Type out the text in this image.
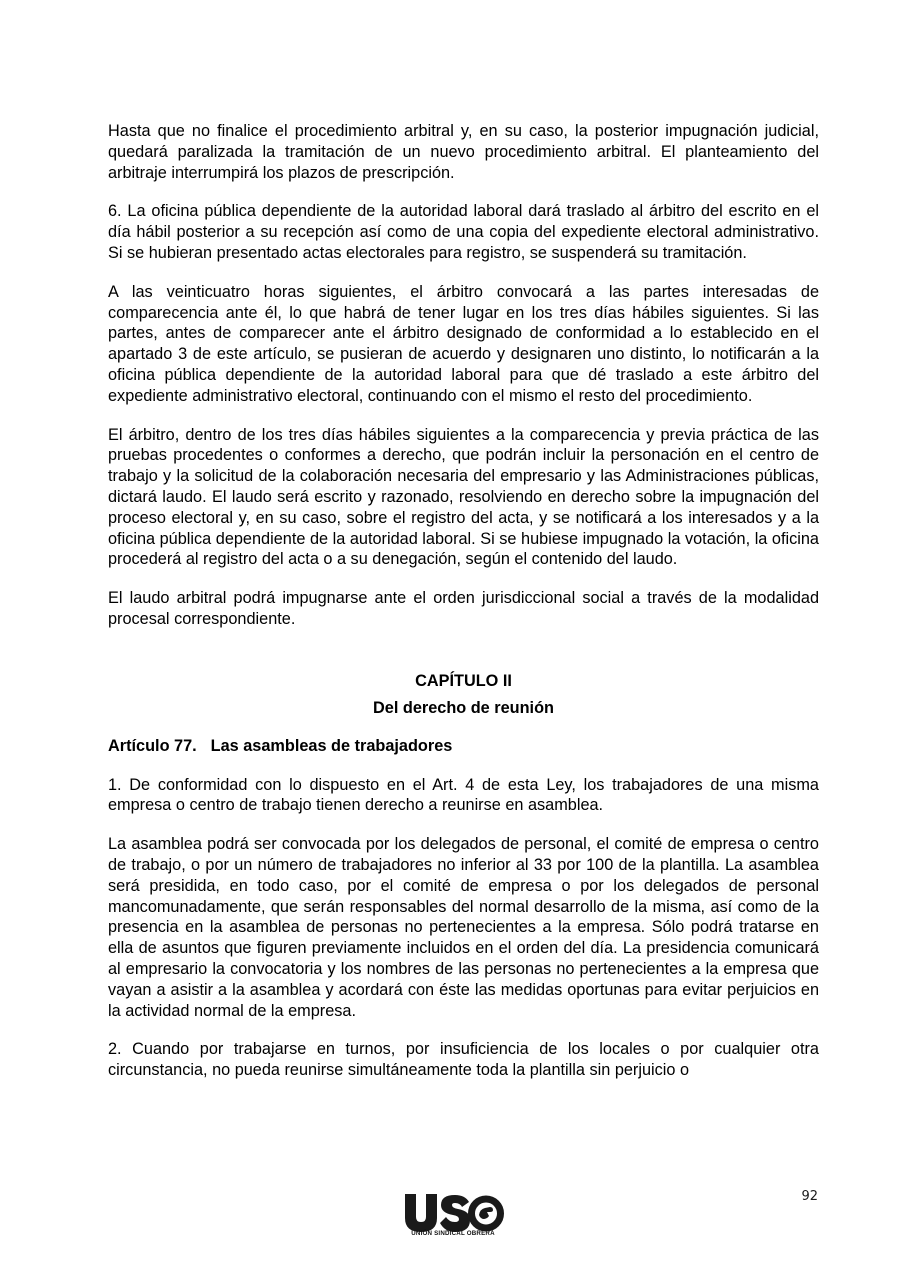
Hasta que no finalice el procedimiento arbitral y, en su caso, la posterior impugnación judicial, quedará paralizada la tramitación de un nuevo procedimiento arbitral. El planteamiento del arbitraje interrumpirá los plazos de prescripción.

6. La oficina pública dependiente de la autoridad laboral dará traslado al árbitro del escrito en el día hábil posterior a su recepción así como de una copia del expediente electoral administrativo. Si se hubieran presentado actas electorales para registro, se suspenderá su tramitación.

A las veinticuatro horas siguientes, el árbitro convocará a las partes interesadas de comparecencia ante él, lo que habrá de tener lugar en los tres días hábiles siguientes. Si las partes, antes de comparecer ante el árbitro designado de conformidad a lo establecido en el apartado 3 de este artículo, se pusieran de acuerdo y designaren uno distinto, lo notificarán a la oficina pública dependiente de la autoridad laboral para que dé traslado a este árbitro del expediente administrativo electoral, continuando con el mismo el resto del procedimiento.

El árbitro, dentro de los tres días hábiles siguientes a la comparecencia y previa práctica de las pruebas procedentes o conformes a derecho, que podrán incluir la personación en el centro de trabajo y la solicitud de la colaboración necesaria del empresario y las Administraciones públicas, dictará laudo. El laudo será escrito y razonado, resolviendo en derecho sobre la impugnación del proceso electoral y, en su caso, sobre el registro del acta, y se notificará a los interesados y a la oficina pública dependiente de la autoridad laboral. Si se hubiese impugnado la votación, la oficina procederá al registro del acta o a su denegación, según el contenido del laudo.

El laudo arbitral podrá impugnarse ante el orden jurisdiccional social a través de la modalidad procesal correspondiente.

CAPÍTULO II
Del derecho de reunión
Artículo 77. Las asambleas de trabajadores

1. De conformidad con lo dispuesto en el Art. 4 de esta Ley, los trabajadores de una misma empresa o centro de trabajo tienen derecho a reunirse en asamblea.

La asamblea podrá ser convocada por los delegados de personal, el comité de empresa o centro de trabajo, o por un número de trabajadores no inferior al 33 por 100 de la plantilla. La asamblea será presidida, en todo caso, por el comité de empresa o por los delegados de personal mancomunadamente, que serán responsables del normal desarrollo de la misma, así como de la presencia en la asamblea de personas no pertenecientes a la empresa. Sólo podrá tratarse en ella de asuntos que figuren previamente incluidos en el orden del día. La presidencia comunicará al empresario la convocatoria y los nombres de las personas no pertenecientes a la empresa que vayan a asistir a la asamblea y acordará con éste las medidas oportunas para evitar perjuicios en la actividad normal de la empresa.

2. Cuando por trabajarse en turnos, por insuficiencia de los locales o por cualquier otra circunstancia, no pueda reunirse simultáneamente toda la plantilla sin perjuicio o

92
UNIÓN SINDICAL OBRERA
